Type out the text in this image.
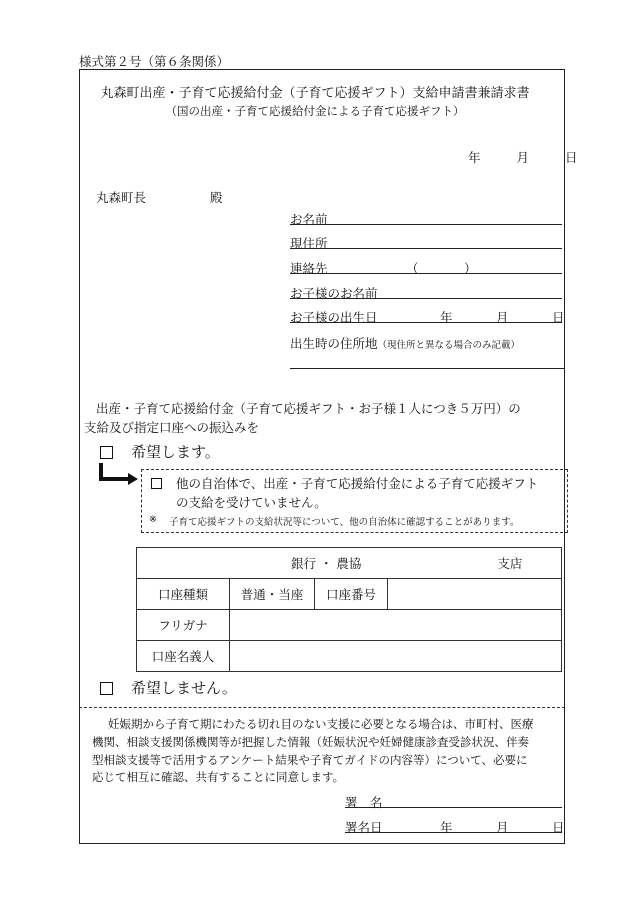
様式第２号（第６条関係）
丸森町出産・子育て応援給付金（子育て応援ギフト）支給申請書兼請求書
（国の出産・子育て応援給付金による子育て応援ギフト）
年	月	日
丸森町長	殿
お名前
現住所
連絡先	（	）
お子様のお名前
お子様の出生日	年	月	日
出生時の住所地（現住所と異なる場合のみ記載）
出産・子育て応援給付金（子育て応援ギフト・お子様１人につき５万円）の
支給及び指定口座への振込みを
希望します。
他の自治体で、出産・子育て応援給付金による子育て応援ギフト
の支給を受けていません。
※ 子育て応援ギフトの支給状況等について、他の自治体に確認することがあります。
銀行 ・ 農協 支店			
口座種類	普通・当座	口座番号	
フリガナ			
口座名義人			
希望しません。
妊娠期から子育て期にわたる切れ目のない支援に必要となる場合は、市町村、医療
機関、相談支援関係機関等が把握した情報（妊娠状況や妊婦健康診査受診状況、伴奏
型相談支援等で活用するアンケート結果や子育てガイドの内容等）について、必要に
応じて相互に確認、共有することに同意します。
署　名
署名日	年	月	日
